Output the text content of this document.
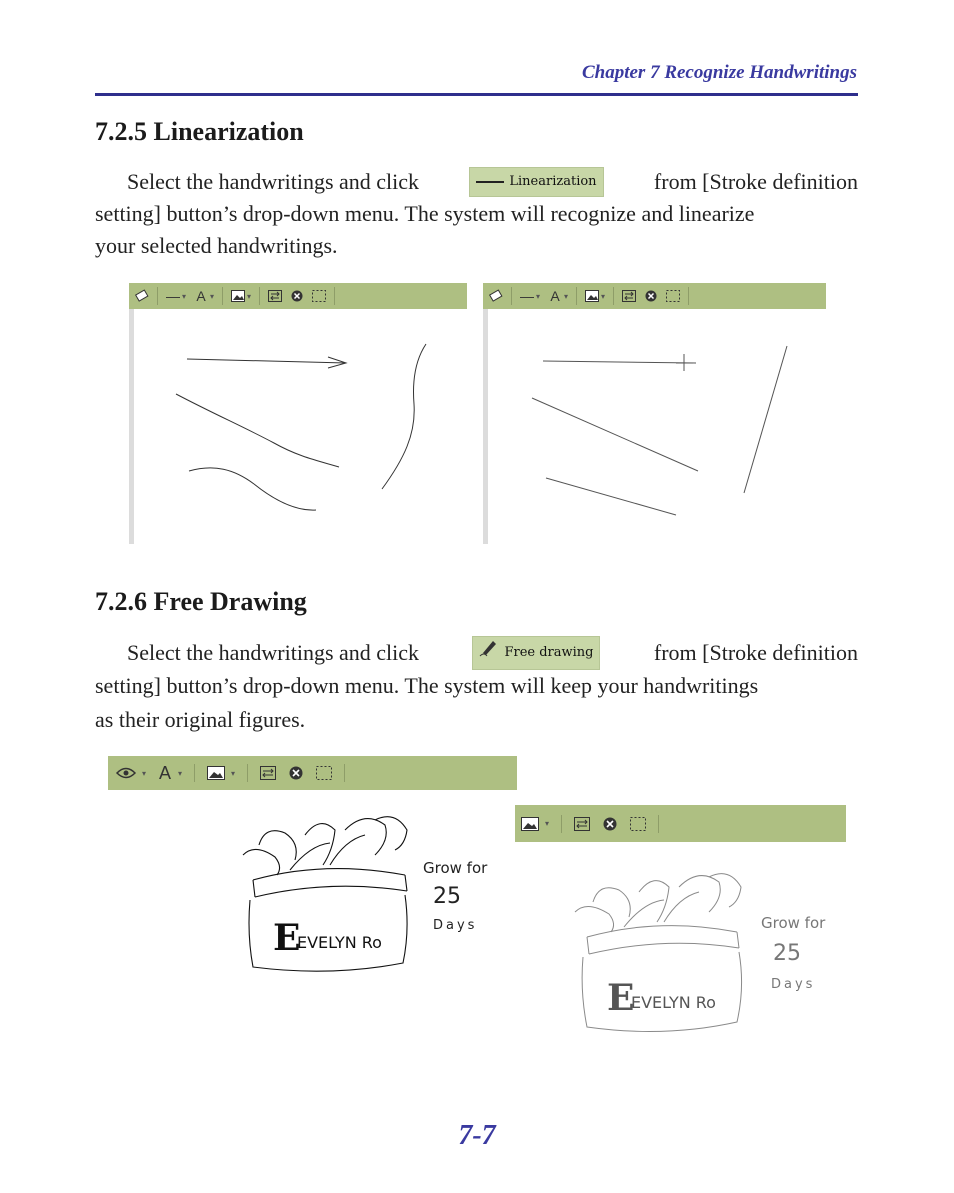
Chapter 7 Recognize Handwritings
7.2.5 Linearization
Select the handwritings and click	Linearization	from [Stroke definition
setting] button’s drop-down menu. The system will recognize and linearize
your selected handwritings.
— ▾ A ▾	▾	— ▾ A ▾	▾
7.2.6 Free Drawing
Select the handwritings and click	Free drawing	from [Stroke definition
setting] button’s drop-down menu. The system will keep your handwritings
as their original figures.
▾ A ▾	▾
▾
E
EVELYN Ro
Grow for
25
Days
E
EVELYN Ro
Grow for
25
Days
7-7
